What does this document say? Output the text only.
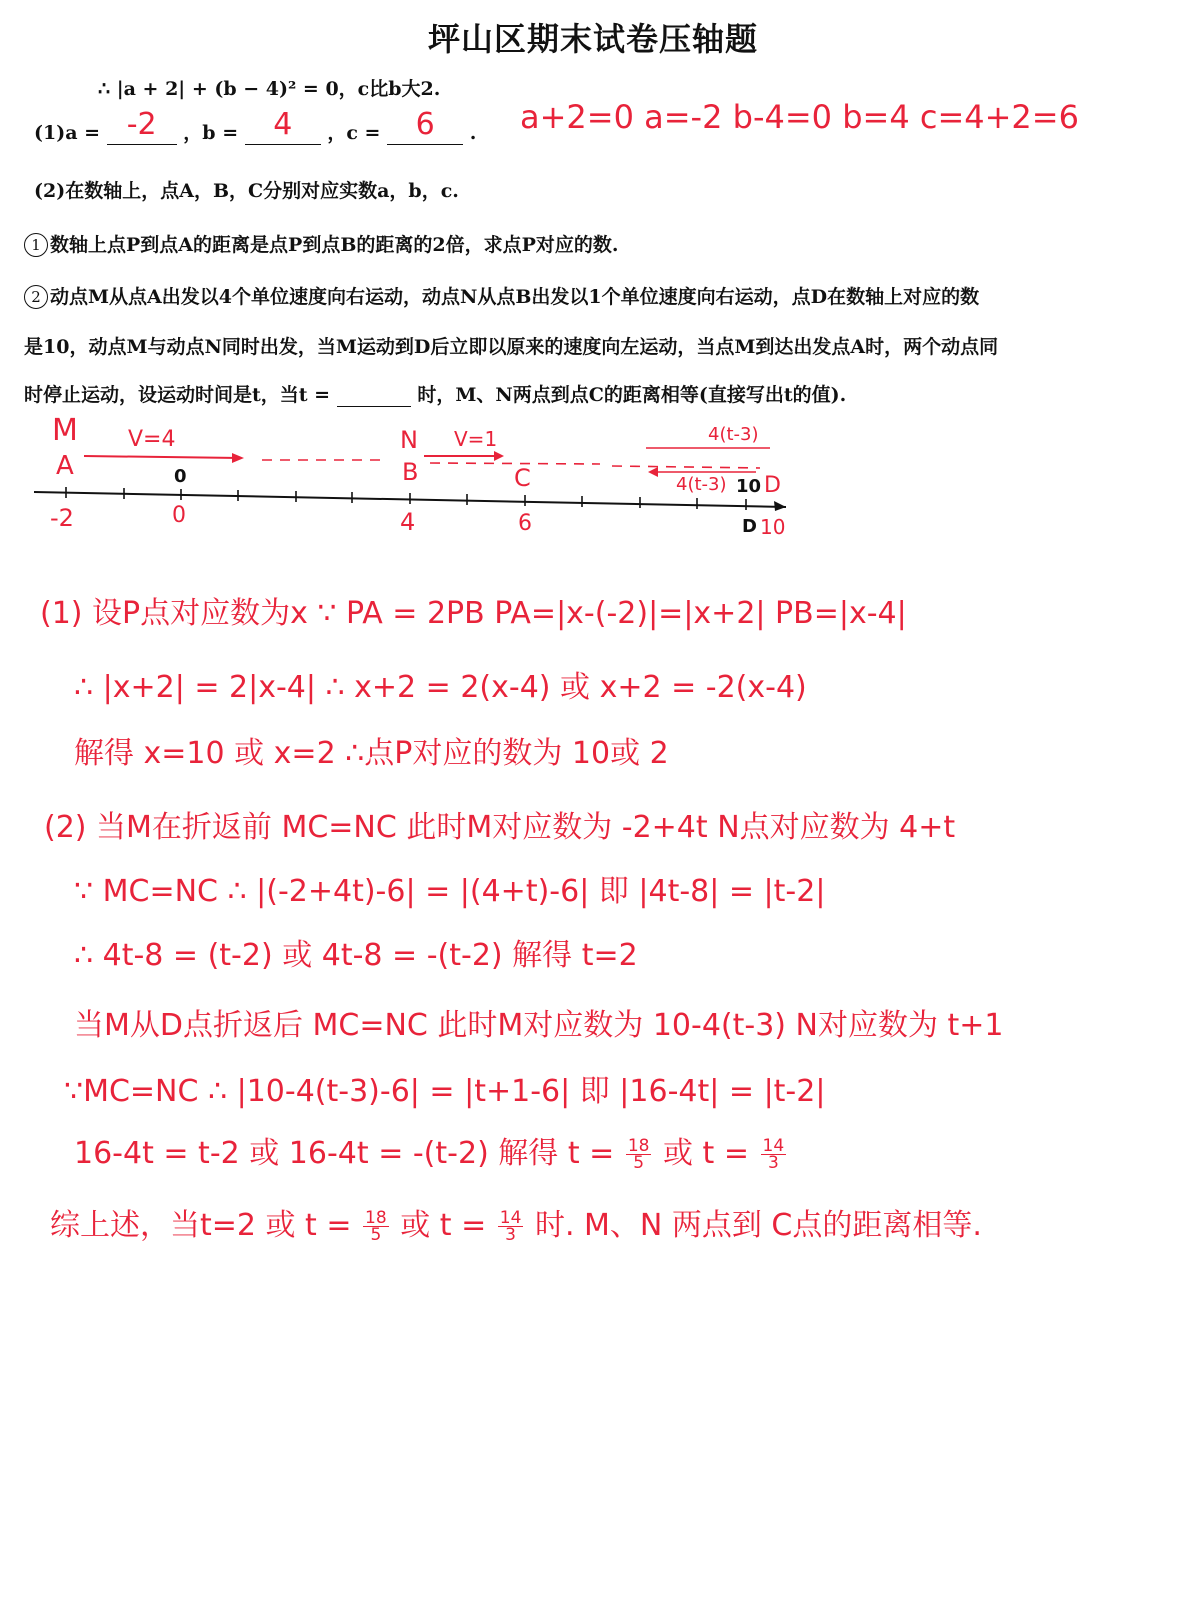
坪山区期末试卷压轴题
∴ |a + 2| + (b − 4)² = 0，c比b大2.
(1)a = -2	，b =	4	，c =	6	. a+2=0 a=-2 b-4=0 b=4 c=4+2=6
(2)在数轴上，点A，B，C分别对应实数a，b，c.
1 数轴上点P到点A的距离是点P到点B的距离的2倍，求点P对应的数.
2 动点M从点A出发以4个单位速度向右运动，动点N从点B出发以1个单位速度向右运动，点D在数轴上对应的数
是10，动点M与动点N同时出发，当M运动到D后立即以原来的速度向左运动，当点M到达出发点A时，两个动点同
时停止运动，设运动时间是t，当t =	时，M、N两点到点C的距离相等(直接写出t的值).
-2	0	4	6	D 10
A	0	B	C	10 D
M V=4	N V=1	4(t-3)
4(t-3)
(1) 设P点对应数为x ∵ PA = 2PB PA=|x-(-2)|=|x+2| PB=|x-4|
∴ |x+2| = 2|x-4| ∴ x+2 = 2(x-4) 或 x+2 = -2(x-4)
解得 x=10 或 x=2 ∴点P对应的数为 10或 2
(2) 当M在折返前 MC=NC 此时M对应数为 -2+4t N点对应数为 4+t
∵ MC=NC ∴ |(-2+4t)-6| = |(4+t)-6| 即 |4t-8| = |t-2|
∴ 4t-8 = (t-2) 或 4t-8 = -(t-2) 解得 t=2
当M从D点折返后 MC=NC 此时M对应数为 10-4(t-3) N对应数为 t+1
∵MC=NC ∴ |10-4(t-3)-6| = |t+1-6| 即 |16-4t| = |t-2|
16-4t = t-2 或 16-4t = -(t-2) 解得 $t = \frac{18}{5}$ 或 $t = \frac{14}{3}$
综上述，当t=2 或 $t = \frac{18}{5}$ 或 $t = \frac{14}{3}$ 时. M、N 两点到 C点的距离相等.
